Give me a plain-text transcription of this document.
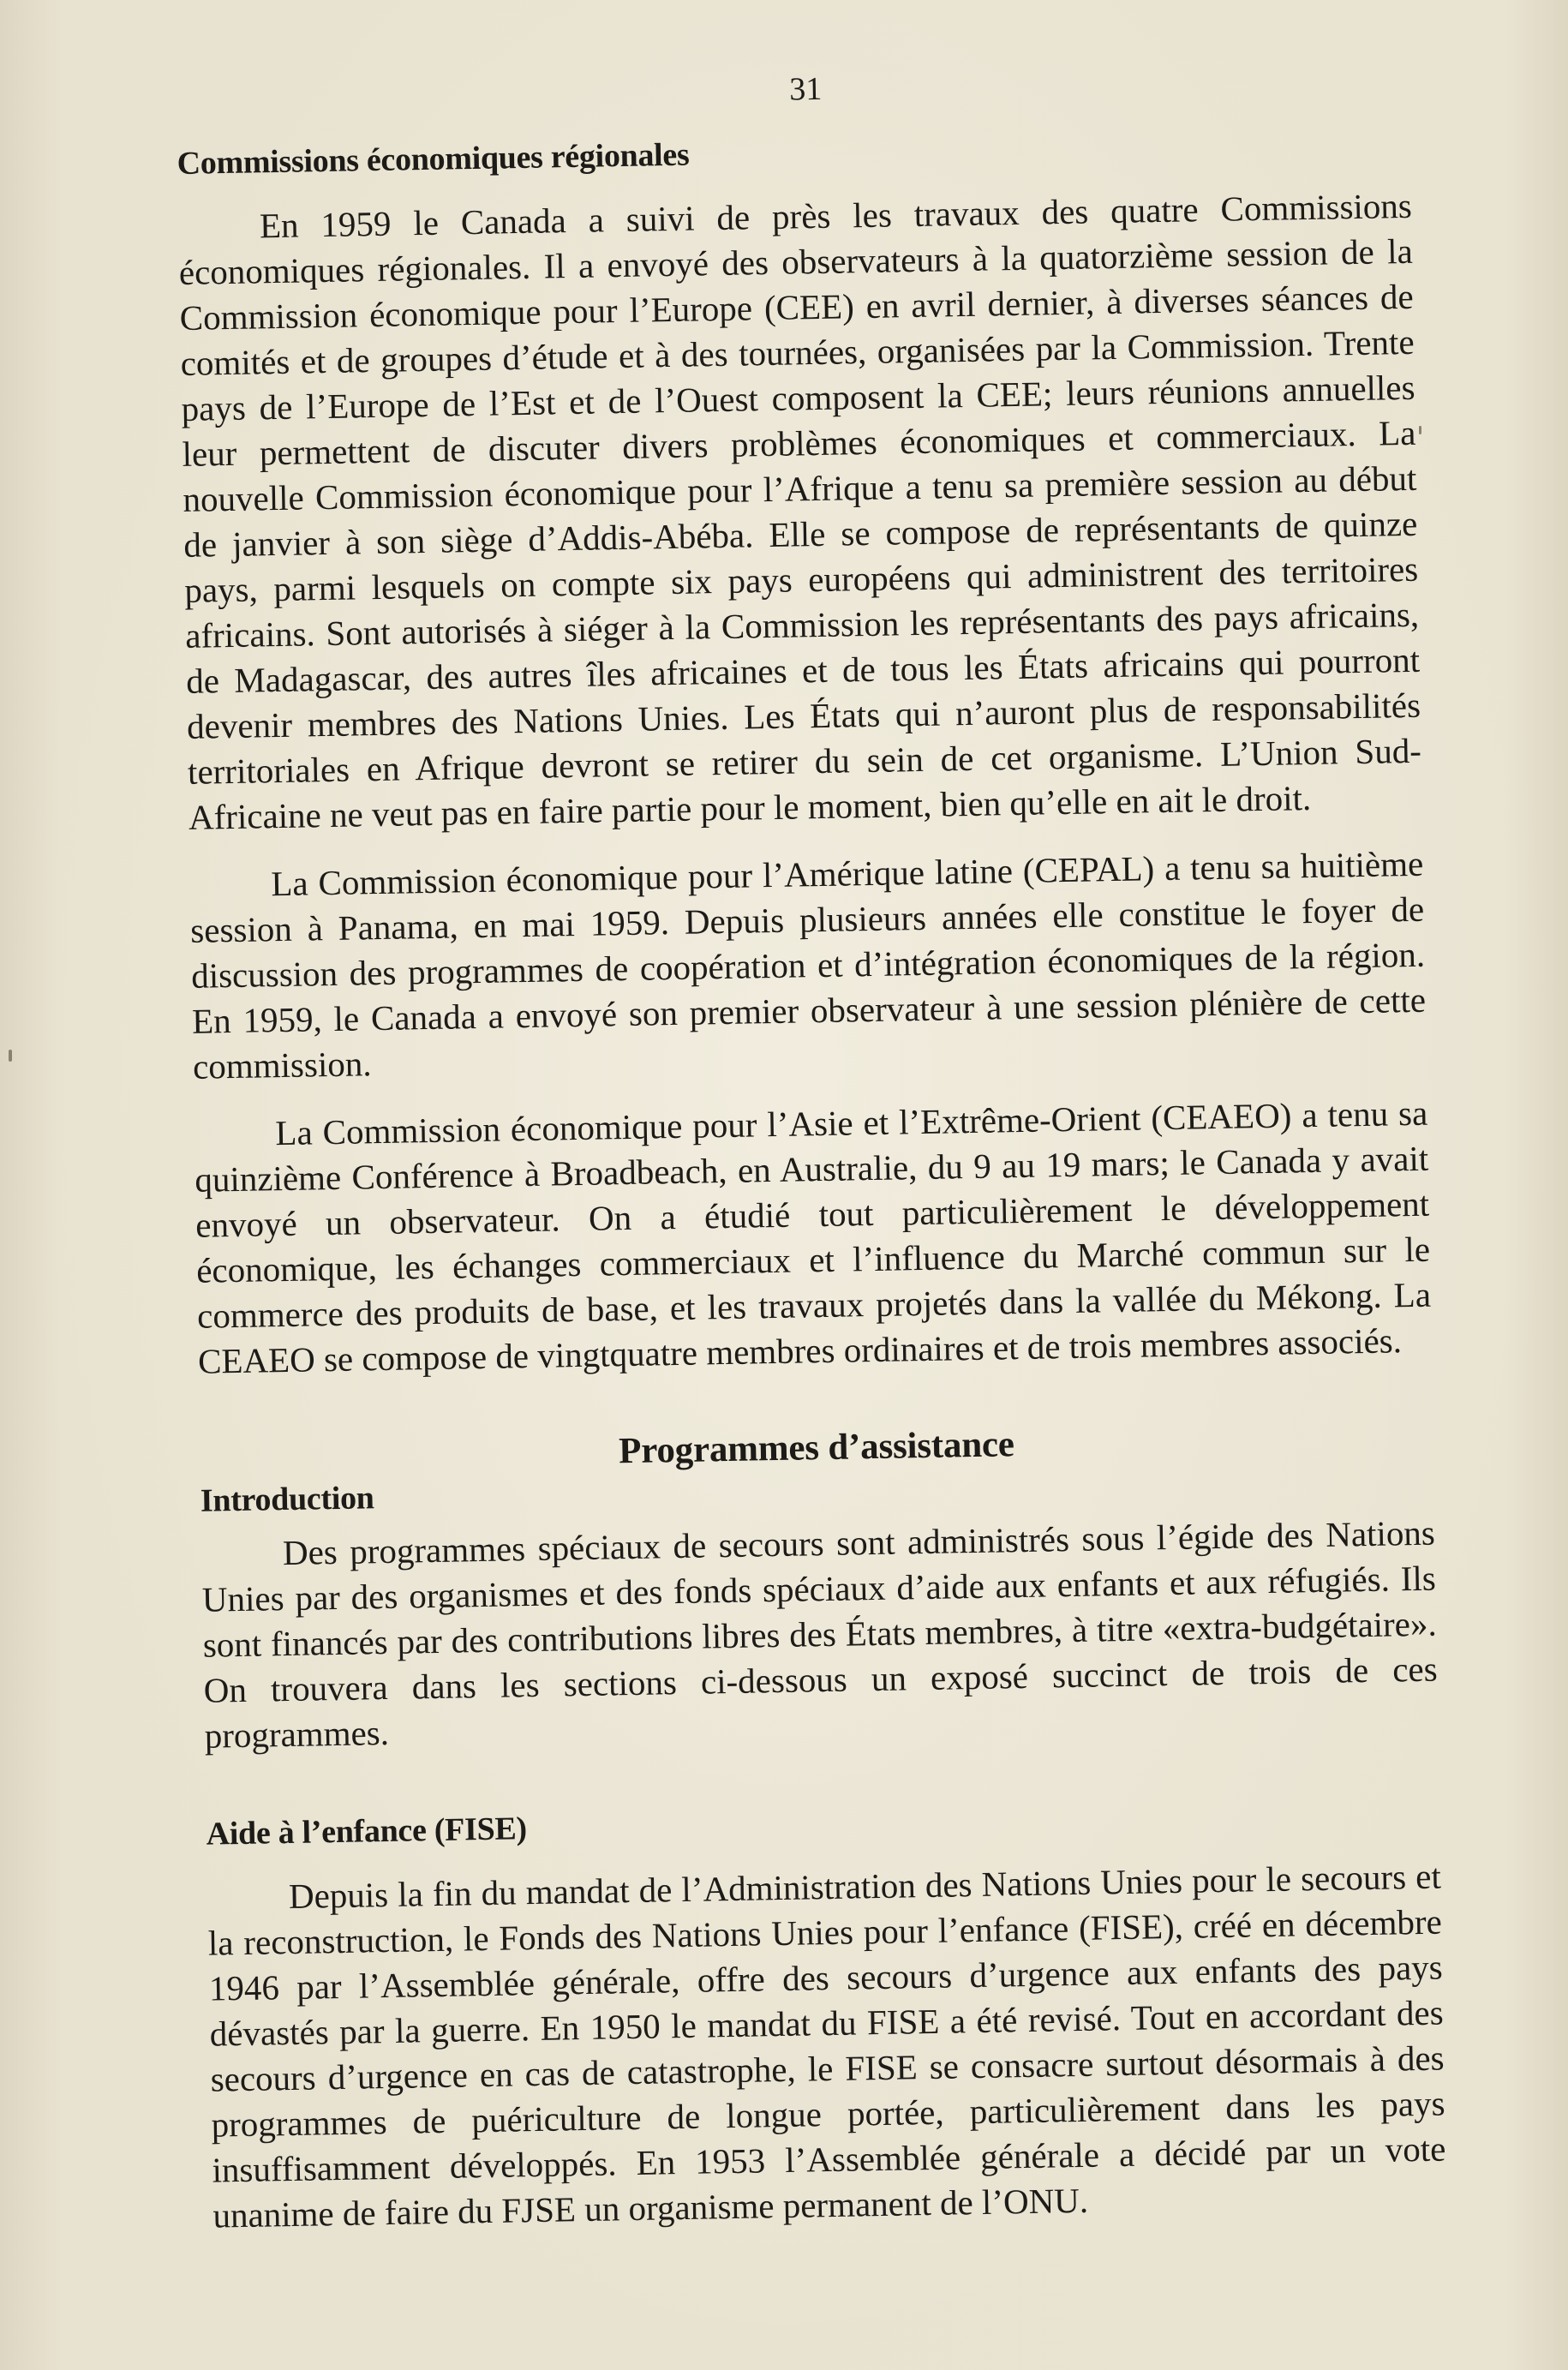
31
Commissions économiques régionales

En 1959 le Canada a suivi de près les travaux des quatre Commissions économiques régionales. Il a envoyé des observateurs à la quatorzième session de la Commission économique pour l’Europe (CEE) en avril dernier, à diverses séances de comités et de groupes d’étude et à des tournées, organisées par la Commission. Trente pays de l’Europe de l’Est et de l’Ouest composent la CEE; leurs réunions annuelles leur permettent de discuter divers problèmes économiques et commerciaux. La nouvelle Commission économique pour l’Afrique a tenu sa première session au début de janvier à son siège d’Addis-Abéba. Elle se compose de représentants de quinze pays, parmi lesquels on compte six pays européens qui administrent des territoires africains. Sont autorisés à siéger à la Commission les représentants des pays africains, de Madagascar, des autres îles africaines et de tous les États africains qui pourront devenir membres des Nations Unies. Les États qui n’auront plus de responsabilités territoriales en Afrique devront se retirer du sein de cet organisme. L’Union Sud-Africaine ne veut pas en faire partie pour le moment, bien qu’elle en ait le droit.

La Commission économique pour l’Amérique latine (CEPAL) a tenu sa huitième session à Panama, en mai 1959. Depuis plusieurs années elle constitue le foyer de discussion des programmes de coopération et d’intégration économiques de la région. En 1959, le Canada a envoyé son premier observateur à une session plénière de cette commission.

La Commission économique pour l’Asie et l’Extrême-Orient (CEAEO) a tenu sa quinzième Conférence à Broadbeach, en Australie, du 9 au 19 mars; le Canada y avait envoyé un observateur. On a étudié tout particulièrement le développement économique, les échanges commerciaux et l’influence du Marché commun sur le commerce des produits de base, et les travaux projetés dans la vallée du Mékong. La CEAEO se compose de vingtquatre membres ordinaires et de trois membres associés.

Programmes d’assistance
Introduction

Des programmes spéciaux de secours sont administrés sous l’égide des Nations Unies par des organismes et des fonds spéciaux d’aide aux enfants et aux réfugiés. Ils sont financés par des contributions libres des États membres, à titre «extra-budgétaire». On trouvera dans les sections ci-dessous un exposé succinct de trois de ces programmes.

Aide à l’enfance (FISE)

Depuis la fin du mandat de l’Administration des Nations Unies pour le secours et la reconstruction, le Fonds des Nations Unies pour l’enfance (FISE), créé en décembre 1946 par l’Assemblée générale, offre des secours d’urgence aux enfants des pays dévastés par la guerre. En 1950 le mandat du FISE a été revisé. Tout en accordant des secours d’urgence en cas de catastrophe, le FISE se consacre surtout désormais à des programmes de puériculture de longue portée, particulièrement dans les pays insuffisamment développés. En 1953 l’Assemblée générale a décidé par un vote unanime de faire du FJSE un organisme permanent de l’ONU.
